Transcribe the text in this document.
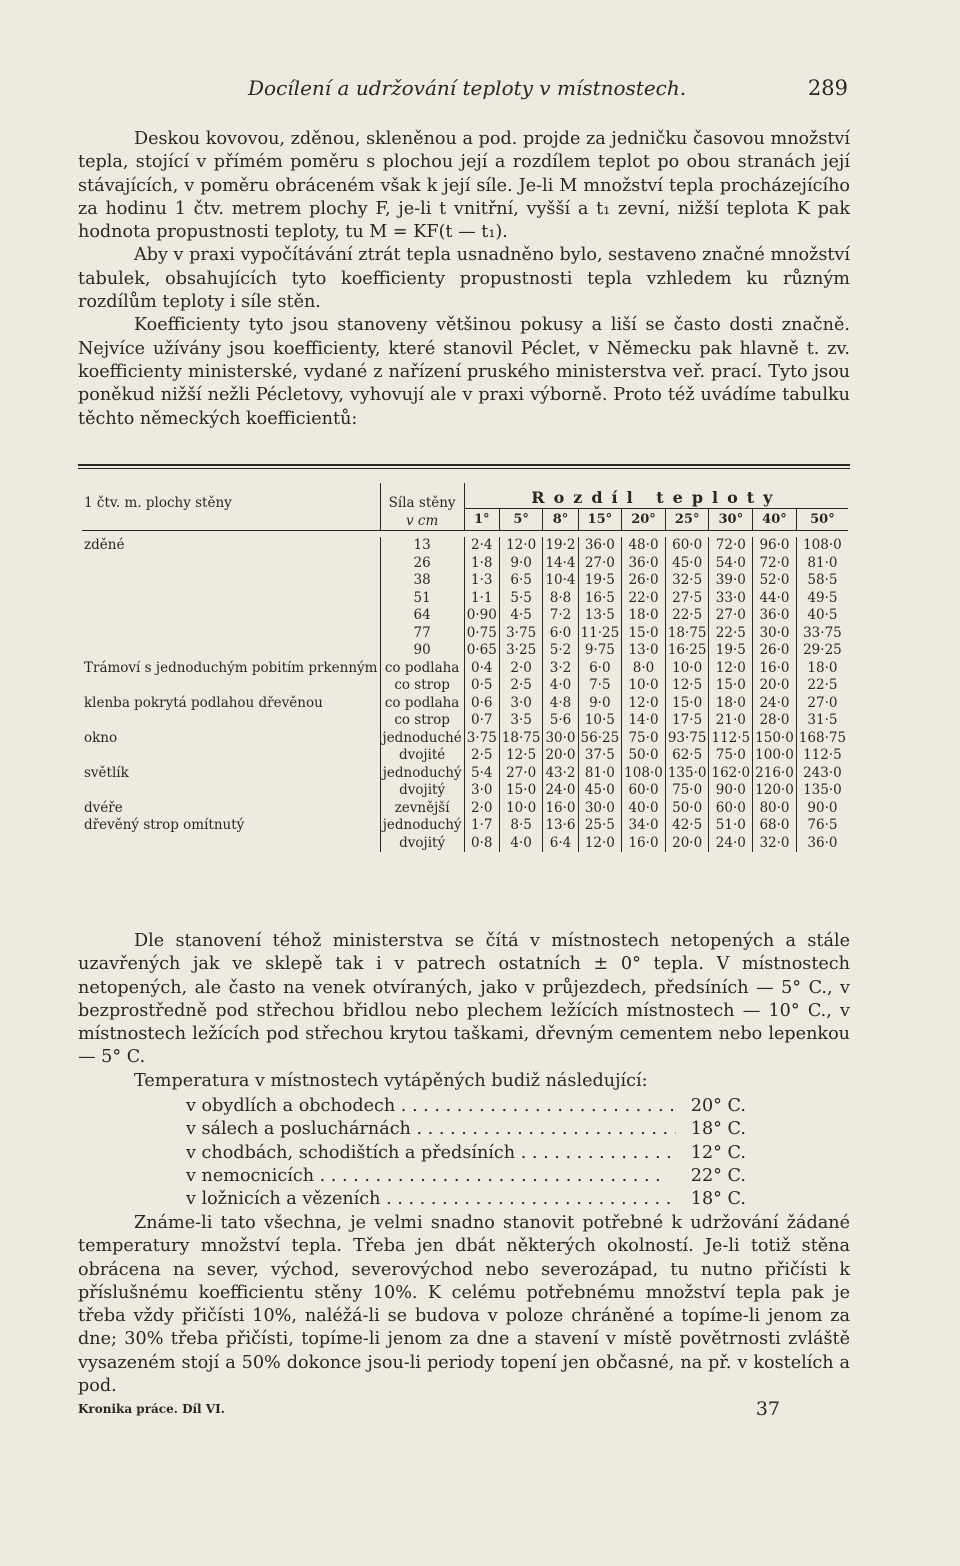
Docílení a udržování teploty v místnostech.	289

Deskou kovovou, zděnou, skleněnou a pod. projde za jedničku časovou množství tepla, stojící v přímém poměru s plochou její a rozdílem teplot po obou stranách její stávajících, v poměru obráceném však k její síle. Je-li M množství tepla procházejícího za hodinu 1 čtv. metrem plochy F, je-li t vnitřní, vyšší a t₁ zevní, nižší teplota K pak hodnota propustnosti teploty, tu M = KF(t — t₁).

Aby v praxi vypočítávání ztrát tepla usnadněno bylo, sestaveno značné množství tabulek, obsahujících tyto koefficienty propustnosti tepla vzhledem ku různým rozdílům teploty i síle stěn.

Koefficienty tyto jsou stanoveny většinou pokusy a liší se často dosti značně. Nejvíce užívány jsou koefficienty, které stanovil Péclet, v Německu pak hlavně t. zv. koefficienty ministerské, vydané z nařízení pruského ministerstva veř. prací. Tyto jsou poněkud nižší nežli Pécletovy, vyhovují ale v praxi výborně. Proto též uvádíme tabulku těchto německých koefficientů:

1 čtv. m. plochy stěny	Síla stěny
v cm	Rozdíl teploty								
		1°	5°	8°	15°	20°	25°	30°	40°	50°

zděné	13	2·4	12·0	19·2	36·0	48·0	60·0	72·0	96·0	108·0
	26	1·8	9·0	14·4	27·0	36·0	45·0	54·0	72·0	81·0
	38	1·3	6·5	10·4	19·5	26·0	32·5	39·0	52·0	58·5
	51	1·1	5·5	8·8	16·5	22·0	27·5	33·0	44·0	49·5
	64	0·90	4·5	7·2	13·5	18·0	22·5	27·0	36·0	40·5
	77	0·75	3·75	6·0	11·25	15·0	18·75	22·5	30·0	33·75
	90	0·65	3·25	5·2	9·75	13·0	16·25	19·5	26·0	29·25
Trámoví s jednoduchým pobitím prkenným	co podlaha	0·4	2·0	3·2	6·0	8·0	10·0	12·0	16·0	18·0
	co strop	0·5	2·5	4·0	7·5	10·0	12·5	15·0	20·0	22·5
klenba pokrytá podlahou dřevěnou	co podlaha	0·6	3·0	4·8	9·0	12·0	15·0	18·0	24·0	27·0
	co strop	0·7	3·5	5·6	10·5	14·0	17·5	21·0	28·0	31·5
okno	jednoduché	3·75	18·75	30·0	56·25	75·0	93·75	112·5	150·0	168·75
	dvojité	2·5	12·5	20·0	37·5	50·0	62·5	75·0	100·0	112·5
světlík	jednoduchý	5·4	27·0	43·2	81·0	108·0	135·0	162·0	216·0	243·0
	dvojitý	3·0	15·0	24·0	45·0	60·0	75·0	90·0	120·0	135·0
dvéře	zevnější	2·0	10·0	16·0	30·0	40·0	50·0	60·0	80·0	90·0
dřevěný strop omítnutý	jednoduchý	1·7	8·5	13·6	25·5	34·0	42·5	51·0	68·0	76·5
	dvojitý	0·8	4·0	6·4	12·0	16·0	20·0	24·0	32·0	36·0

Dle stanovení téhož ministerstva se čítá v místnostech netopených a stále uzavřených jak ve sklepě tak i v patrech ostatních ± 0° tepla. V místnostech netopených, ale často na venek otvíraných, jako v průjezdech, předsíních — 5° C., v bezprostředně pod střechou břidlou nebo plechem ležících místnostech — 10° C., v místnostech ležících pod střechou krytou taškami, dřevným cementem nebo lepenkou — 5° C.

Temperatura v místnostech vytápěných budiž následující:

v obydlích a obchodech . . .	20° C.
v sálech a posluchárnách . . .	18° C.
v chodbách, schodištích a předsíních . . .	12° C.
v nemocnicích . . .	22° C.
v ložnicích a vězeních . . .	18° C.

Známe-li tato všechna, je velmi snadno stanovit potřebné k udržování žádané temperatury množství tepla. Třeba jen dbát některých okolností. Je-li totiž stěna obrácena na sever, východ, severovýchod nebo severozápad, tu nutno přičísti k příslušnému koefficientu stěny 10%. K celému potřebnému množství tepla pak je třeba vždy přičísti 10%, naléžá-li se budova v poloze chráněné a topíme-li jenom za dne; 30% třeba přičísti, topíme-li jenom za dne a stavení v místě povětrnosti zvláště vysazeném stojí a 50% dokonce jsou-li periody topení jen občasné, na př. v kostelích a pod.

Kronika práce. Díl VI.	37
